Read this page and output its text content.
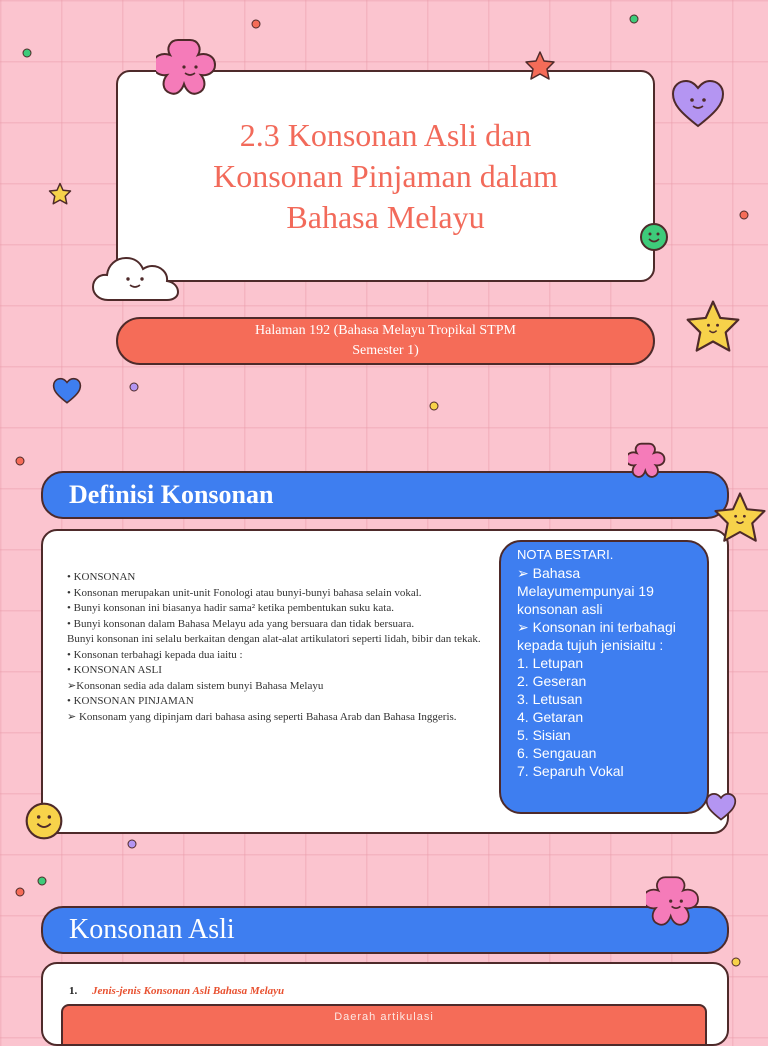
2.3 Konsonan Asli dan
Konsonan Pinjaman dalam
Bahasa Melayu
Halaman 192 (Bahasa Melayu Tropikal STPM
Semester 1)
Definisi Konsonan
• KONSONAN
• Konsonan merupakan unit-unit Fonologi atau bunyi-bunyi bahasa selain vokal.
• Bunyi konsonan ini biasanya hadir sama² ketika pembentukan suku kata.
• Bunyi konsonan dalam Bahasa Melayu ada yang bersuara dan tidak bersuara.
Bunyi konsonan ini selalu berkaitan dengan alat-alat artikulatori seperti lidah, bibir dan tekak.
• Konsonan terbahagi kepada dua iaitu :
• KONSONAN ASLI
➢Konsonan sedia ada dalam sistem bunyi Bahasa Melayu
• KONSONAN PINJAMAN
➢ Konsonam yang dipinjam dari bahasa asing seperti Bahasa Arab dan Bahasa Inggeris.
NOTA BESTARI.
➢ Bahasa Melayumempunyai 19 konsonan asli
➢ Konsonan ini terbahagi kepada tujuh jenisiaitu :
1. Letupan
2. Geseran
3. Letusan
4. Getaran
5. Sisian
6. Sengauan
7. Separuh Vokal
Konsonan Asli
1. Jenis-jenis Konsonan Asli Bahasa Melayu
Daerah artikulasi
